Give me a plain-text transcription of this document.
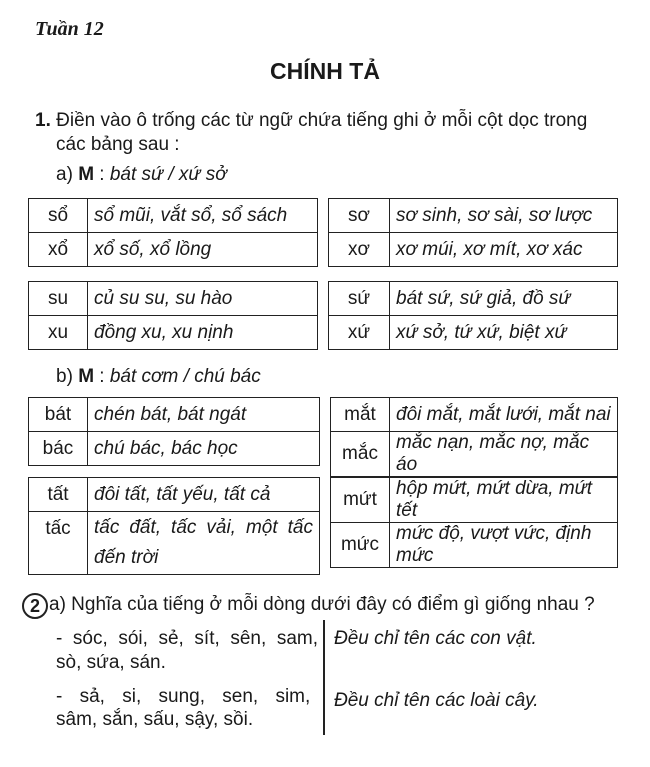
Tuần 12
CHÍNH TẢ
1. Điền vào ô trống các từ ngữ chứa tiếng ghi ở mỗi cột dọc trong
các bảng sau :
a) M : bát sứ / xứ sở
b) M : bát cơm / chú bác
sổ	sổ mũi, vắt sổ, sổ sách
xổ	xổ số, xổ lồng
sơ	sơ sinh, sơ sài, sơ lược
xơ	xơ múi, xơ mít, xơ xác
su	củ su su, su hào
xu	đồng xu, xu nịnh
sứ	bát sứ, sứ giả, đồ sứ
xứ	xứ sở, tứ xứ, biệt xứ
bát	chén bát, bát ngát
bác	chú bác, bác học
mắt	đôi mắt, mắt lưới, mắt nai
mắc	mắc nạn, mắc nợ, mắc áo
tất	đôi tất, tất yếu, tất cả
tấc	tấc đất, tấc vải, một tấc đến trời
mứt	hộp mứt, mứt dừa, mứt tết
mức	mức độ, vượt vức, định mức
2 a) Nghĩa của tiếng ở mỗi dòng dưới đây có điểm gì giống nhau ?
- sóc, sói, sẻ, sít, sên, sam,
sò, sứa, sán.
Đều chỉ tên các con vật.
- sả, si, sung, sen, sim,
sâm, sắn, sấu, sậy, sồi.
Đều chỉ tên các loài cây.
